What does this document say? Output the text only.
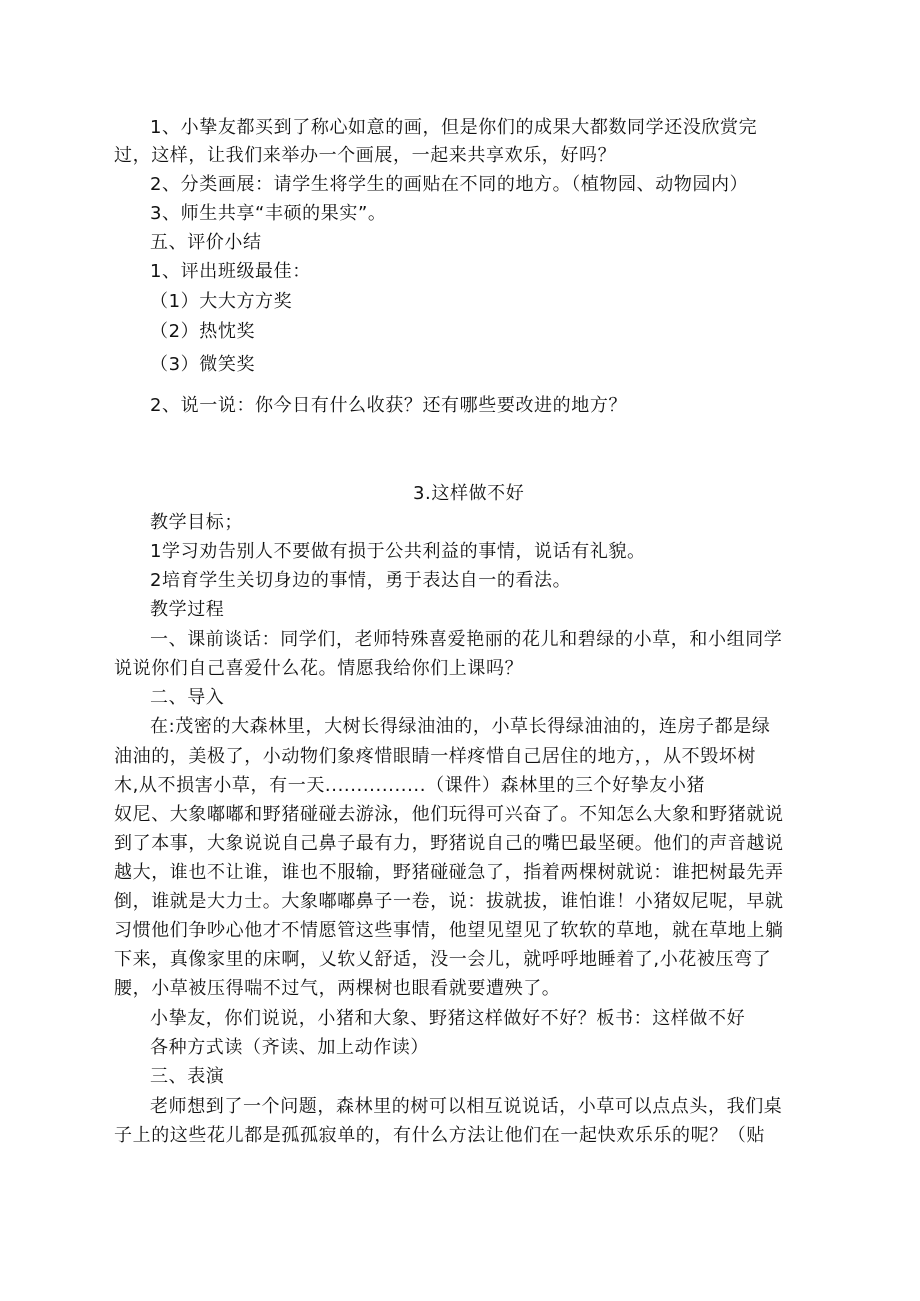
1、小挚友都买到了称心如意的画，但是你们的成果大都数同学还没欣赏完
过，这样，让我们来举办一个画展，一起来共享欢乐，好吗？
2、分类画展：请学生将学生的画贴在不同的地方。（植物园、动物园内）
3、师生共享“丰硕的果实”。
五、评价小结
1、评出班级最佳：
（1）大大方方奖
（2）热忱奖
（3）微笑奖
2、说一说：你今日有什么收获？还有哪些要改进的地方？
3.这样做不好
教学目标；
1学习劝告别人不要做有损于公共利益的事情，说话有礼貌。
2培育学生关切身边的事情，勇于表达自一的看法。
教学过程
一、课前谈话：同学们，老师特殊喜爱艳丽的花儿和碧绿的小草，和小组同学
说说你们自己喜爱什么花。情愿我给你们上课吗？
二、导入
在:茂密的大森林里，大树长得绿油油的，小草长得绿油油的，连房子都是绿
油油的，美极了，小动物们象疼惜眼睛一样疼惜自己居住的地方，，从不毁坏树
木,从不损害小草，有一天................（课件）森林里的三个好挚友小猪
奴尼、大象嘟嘟和野猪碰碰去游泳，他们玩得可兴奋了。不知怎么大象和野猪就说
到了本事，大象说说自己鼻子最有力，野猪说自己的嘴巴最坚硬。他们的声音越说
越大，谁也不让谁，谁也不服输，野猪碰碰急了，指着两棵树就说：谁把树最先弄
倒，谁就是大力士。大象嘟嘟鼻子一卷，说：拔就拔，谁怕谁！小猪奴尼呢，早就
习惯他们争吵心他才不情愿管这些事情，他望见望见了软软的草地，就在草地上躺
下来，真像家里的床啊，乂软乂舒适，没一会儿，就呼呼地睡着了,小花被压弯了
腰，小草被压得喘不过气，两棵树也眼看就要遭殃了。
小挚友，你们说说，小猪和大象、野猪这样做好不好？板书：这样做不好
各种方式读（齐读、加上动作读）
三、表演
老师想到了一个问题，森林里的树可以相互说说话，小草可以点点头，我们桌
子上的这些花儿都是孤孤寂单的，有什么方法让他们在一起快欢乐乐的呢？（贴
